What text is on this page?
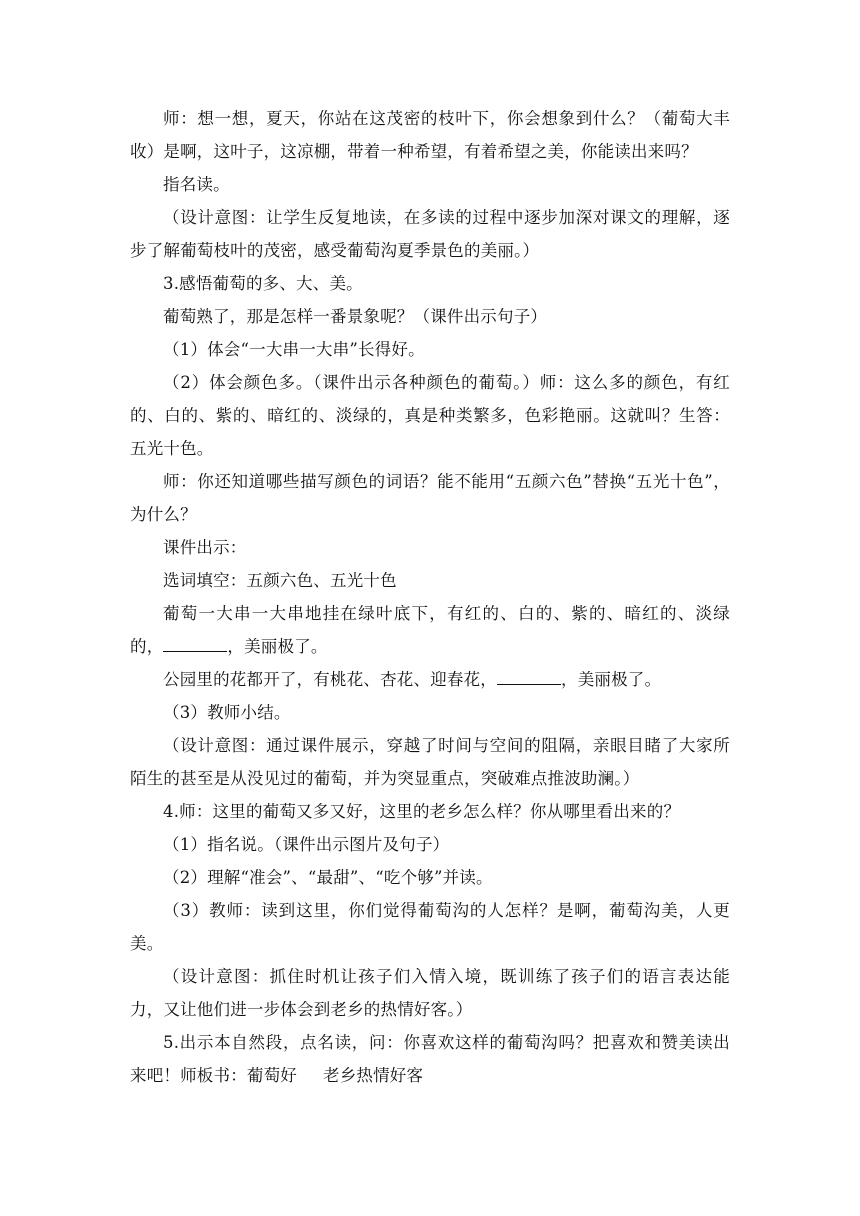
师：想一想，夏天，你站在这茂密的枝叶下，你会想象到什么？（葡萄大丰收）是啊，这叶子，这凉棚，带着一种希望，有着希望之美，你能读出来吗？

指名读。

（设计意图：让学生反复地读，在多读的过程中逐步加深对课文的理解，逐步了解葡萄枝叶的茂密，感受葡萄沟夏季景色的美丽。）

3.感悟葡萄的多、大、美。

葡萄熟了，那是怎样一番景象呢？（课件出示句子）

（1）体会“一大串一大串”长得好。

（2）体会颜色多。（课件出示各种颜色的葡萄。）师：这么多的颜色，有红的、白的、紫的、暗红的、淡绿的，真是种类繁多，色彩艳丽。这就叫？生答：五光十色。

师：你还知道哪些描写颜色的词语？能不能用“五颜六色”替换“五光十色”，为什么？

课件出示：

选词填空：五颜六色、五光十色

葡萄一大串一大串地挂在绿叶底下，有红的、白的、紫的、暗红的、淡绿的，	，美丽极了。

公园里的花都开了，有桃花、杏花、迎春花，	，美丽极了。

（3）教师小结。

（设计意图：通过课件展示，穿越了时间与空间的阻隔，亲眼目睹了大家所陌生的甚至是从没见过的葡萄，并为突显重点，突破难点推波助澜。）

4.师：这里的葡萄又多又好，这里的老乡怎么样？你从哪里看出来的？

（1）指名说。（课件出示图片及句子）

（2）理解“准会”、“最甜”、“吃个够”并读。

（3）教师：读到这里，你们觉得葡萄沟的人怎样？是啊，葡萄沟美，人更美。

（设计意图：抓住时机让孩子们入情入境，既训练了孩子们的语言表达能力，又让他们进一步体会到老乡的热情好客。）

5.出示本自然段，点名读，问：你喜欢这样的葡萄沟吗？把喜欢和赞美读出来吧！师板书：葡萄好 老乡热情好客
